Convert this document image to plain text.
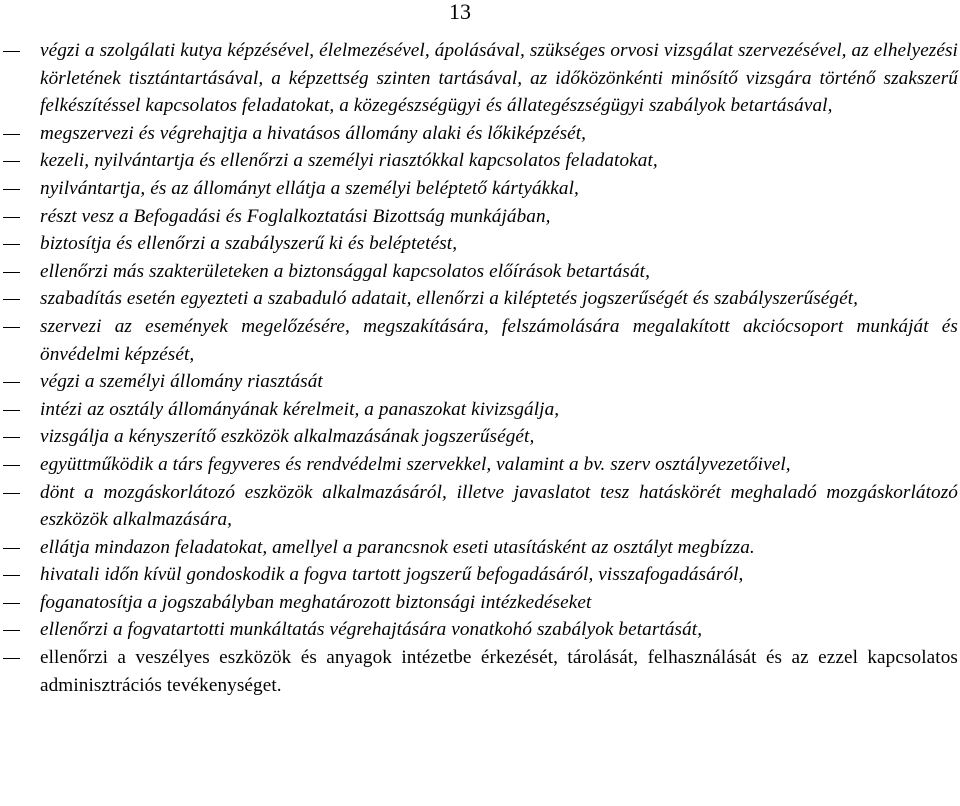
13
végzi a szolgálati kutya képzésével, élelmezésével, ápolásával, szükséges orvosi vizsgálat szervezésével, az elhelyezési körletének tisztántartásával, a képzettség szinten tartásával, az időközönkénti minősítő vizsgára történő szakszerű felkészítéssel kapcsolatos feladatokat, a közegészségügyi és állategészségügyi szabályok betartásával,
megszervezi és végrehajtja a hivatásos állomány alaki és lőkiképzését,
kezeli, nyilvántartja és ellenőrzi a személyi riasztókkal kapcsolatos feladatokat,
nyilvántartja, és az állományt ellátja a személyi beléptető kártyákkal,
részt vesz a Befogadási és Foglalkoztatási Bizottság munkájában,
biztosítja és ellenőrzi a szabályszerű ki és beléptetést,
ellenőrzi más szakterületeken a biztonsággal kapcsolatos előírások betartását,
szabadítás esetén egyezteti a szabaduló adatait, ellenőrzi a kiléptetés jogszerűségét és szabályszerűségét,
szervezi az események megelőzésére, megszakítására, felszámolására megalakított akciócsoport munkáját és önvédelmi képzését,
végzi a személyi állomány riasztását
intézi az osztály állományának kérelmeit, a panaszokat kivizsgálja,
vizsgálja a kényszerítő eszközök alkalmazásának jogszerűségét,
együttműködik a társ fegyveres és rendvédelmi szervekkel, valamint a bv. szerv osztályvezetőivel,
dönt a mozgáskorlátozó eszközök alkalmazásáról, illetve javaslatot tesz hatáskörét meghaladó mozgáskorlátozó eszközök alkalmazására,
ellátja mindazon feladatokat, amellyel a parancsnok eseti utasításként az osztályt megbízza.
hivatali időn kívül gondoskodik a fogva tartott jogszerű befogadásáról, visszafogadásáról,
foganatosítja a jogszabályban meghatározott biztonsági intézkedéseket
ellenőrzi a fogvatartotti munkáltatás végrehajtására vonatkohó szabályok betartását,
ellenőrzi a veszélyes eszközök és anyagok intézetbe érkezését, tárolását, felhasználását és az ezzel kapcsolatos adminisztrációs tevékenységet.
